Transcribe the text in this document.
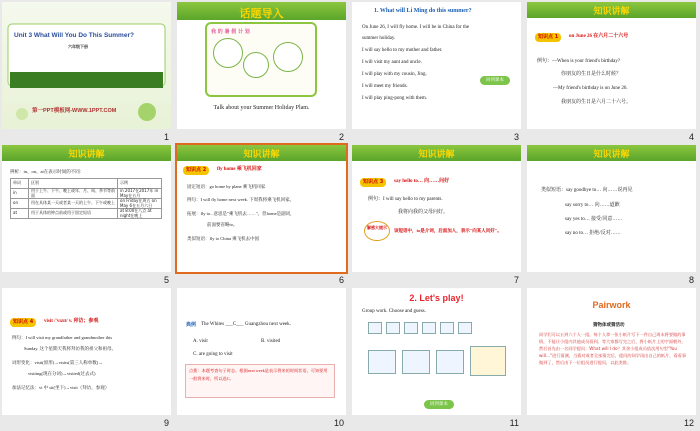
Unit 3 What Will You Do This Summer?
六年级下册
第一PPT模板网-WWW.1PPT.COM
1
话题导入
我 的 暑 假 计 划
Talk about your Summer Holiday Plam.
2
1. What will Li Ming do this summer?
On June 26, I will fly home. I will be in China for the
summer holiday.
I will say hello to my mother and father.
I will visit my aunt and uncle.
I will play with my cousin, Jing.
I will meet my friends.
I will play ping-pong with them.
回到课本
3
知识讲解
知识点 1	on June 26 在六月二十六号
例句：—When is your friend's birthday?
你朋友的生日是什么时候？
—My friend's birthday is on June 26.
我朋友的生日是六月二十六号。
4
知识讲解
辨析：in、on、at在表示时间的不同：
单词	区别	示例
in	用于上午、下午、晚上或年、月、周、季节等前面	in 2017在2017年 in May在五月
on	用在具体某一天或者某一天的上午、下午或晚上	on Friday在周五 on May 6在五月六日
at	用于具体的钟点前或用于固定短语	at 8:00在八点 at night在晚上
5
知识讲解
知识点 2	fly home 乘飞机回家
固定短语：go home by plane 乘飞机回家
例句：I will fly home next week. 下周我将乘飞机回家。
拓展：fly to...意思是"乘飞机去……"。但home是副词，
前面要省略to。
类似短语：fly to China 乘飞机去中国
6
知识讲解
知识点 3	say hello to… 向……问好
例句：I will say hello to my parents.
我将向我的父母问好。
解惑大提示
该短语中，to是介词，后面加人，表示"向某人问好"。
7
知识讲解
类似短语：say goodbye to… 向……说再见
say sorry to… 向……道歉
say yes to… 接受/同意……
say no to… 拒绝/反对……
8
知识点 4	visit /'vɪzɪt/ v. 拜访；参观
例句：I will visit my grandfather and grandmother this
Sunday. 这个星期天我将拜访我的祖父和祖母。
词形变化：visit(原形)→visits(第三人称单数)→
visiting(现在分词)→visited(过去式)
加法记忆法：vi 中 sit(坐下)→visit（拜访，参观）
9
典例 The Whites ___C___ Guangzhou next week.
A. visit	B. visited
C. are going to visit
点拨：本题考查句子时态。根据next week是表示将来的时间状语，可知要用一般将来时，所以选C。
10
2. Let's play!
Group work. Choose and guess.
回到课本
11
Pairwork
猜物体或猜活动
同学们可以五到六个人一组。每个人拿一张小纸片写下一件自己周末将要做的事情，不能让小组内其他成员看到。等大家都写完之后，将小纸片上的字面朝外，然后首先由一名同学提问：What will I do？其余小组成员依次用句型"You will…"进行猜测，当猜对或者全部猜完后，提问的同学再出自己的纸片，看看事做到了，然后由下一位组员进行提问，以此类推。
12
